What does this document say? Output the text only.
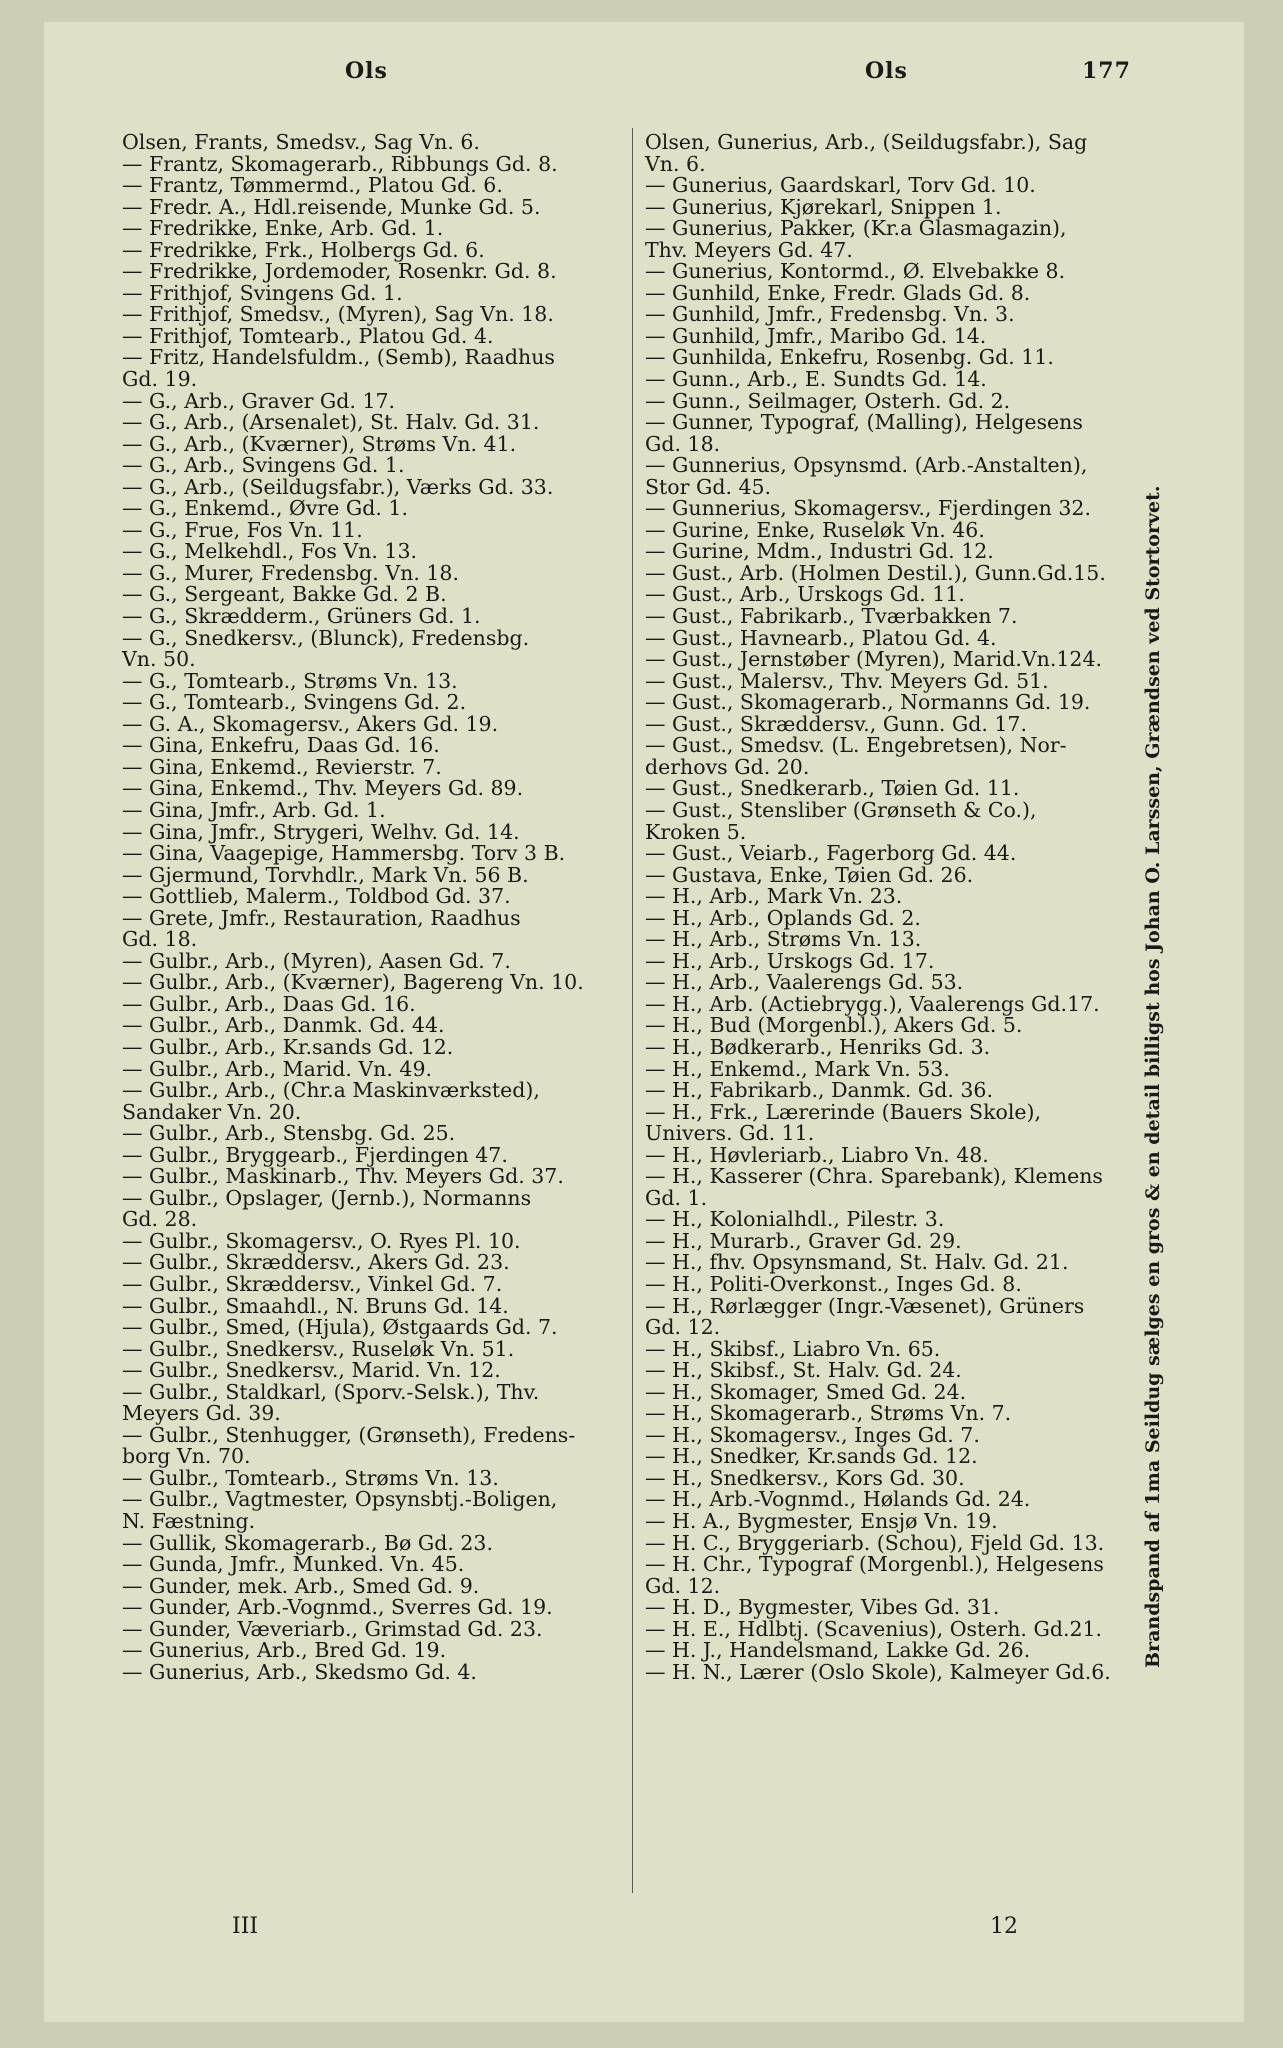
Ols	Ols	177
Olsen, Frants, Smedsv., Sag Vn. 6.
— Frantz, Skomagerarb., Ribbungs Gd. 8.
— Frantz, Tømmermd., Platou Gd. 6.
— Fredr. A., Hdl.reisende, Munke Gd. 5.
— Fredrikke, Enke, Arb. Gd. 1.
— Fredrikke, Frk., Holbergs Gd. 6.
— Fredrikke, Jordemoder, Rosenkr. Gd. 8.
— Frithjof, Svingens Gd. 1.
— Frithjof, Smedsv., (Myren), Sag Vn. 18.
— Frithjof, Tomtearb., Platou Gd. 4.
— Fritz, Handelsfuldm., (Semb), Raadhus
Gd. 19.
— G., Arb., Graver Gd. 17.
— G., Arb., (Arsenalet), St. Halv. Gd. 31.
— G., Arb., (Kværner), Strøms Vn. 41.
— G., Arb., Svingens Gd. 1.
— G., Arb., (Seildugsfabr.), Værks Gd. 33.
— G., Enkemd., Øvre Gd. 1.
— G., Frue, Fos Vn. 11.
— G., Melkehdl., Fos Vn. 13.
— G., Murer, Fredensbg. Vn. 18.
— G., Sergeant, Bakke Gd. 2 B.
— G., Skrædderm., Grüners Gd. 1.
— G., Snedkersv., (Blunck), Fredensbg.
Vn. 50.
— G., Tomtearb., Strøms Vn. 13.
— G., Tomtearb., Svingens Gd. 2.
— G. A., Skomagersv., Akers Gd. 19.
— Gina, Enkefru, Daas Gd. 16.
— Gina, Enkemd., Revierstr. 7.
— Gina, Enkemd., Thv. Meyers Gd. 89.
— Gina, Jmfr., Arb. Gd. 1.
— Gina, Jmfr., Strygeri, Welhv. Gd. 14.
— Gina, Vaagepige, Hammersbg. Torv 3 B.
— Gjermund, Torvhdlr., Mark Vn. 56 B.
— Gottlieb, Malerm., Toldbod Gd. 37.
— Grete, Jmfr., Restauration, Raadhus
Gd. 18.
— Gulbr., Arb., (Myren), Aasen Gd. 7.
— Gulbr., Arb., (Kværner), Bagereng Vn. 10.
— Gulbr., Arb., Daas Gd. 16.
— Gulbr., Arb., Danmk. Gd. 44.
— Gulbr., Arb., Kr.sands Gd. 12.
— Gulbr., Arb., Marid. Vn. 49.
— Gulbr., Arb., (Chr.a Maskinværksted),
Sandaker Vn. 20.
— Gulbr., Arb., Stensbg. Gd. 25.
— Gulbr., Bryggearb., Fjerdingen 47.
— Gulbr., Maskinarb., Thv. Meyers Gd. 37.
— Gulbr., Opslager, (Jernb.), Normanns
Gd. 28.
— Gulbr., Skomagersv., O. Ryes Pl. 10.
— Gulbr., Skræddersv., Akers Gd. 23.
— Gulbr., Skræddersv., Vinkel Gd. 7.
— Gulbr., Smaahdl., N. Bruns Gd. 14.
— Gulbr., Smed, (Hjula), Østgaards Gd. 7.
— Gulbr., Snedkersv., Ruseløk Vn. 51.
— Gulbr., Snedkersv., Marid. Vn. 12.
— Gulbr., Staldkarl, (Sporv.-Selsk.), Thv.
Meyers Gd. 39.
— Gulbr., Stenhugger, (Grønseth), Fredens-
borg Vn. 70.
— Gulbr., Tomtearb., Strøms Vn. 13.
— Gulbr., Vagtmester, Opsynsbtj.-Boligen,
N. Fæstning.
— Gullik, Skomagerarb., Bø Gd. 23.
— Gunda, Jmfr., Munked. Vn. 45.
— Gunder, mek. Arb., Smed Gd. 9.
— Gunder, Arb.-Vognmd., Sverres Gd. 19.
— Gunder, Væveriarb., Grimstad Gd. 23.
— Gunerius, Arb., Bred Gd. 19.
— Gunerius, Arb., Skedsmo Gd. 4.
Olsen, Gunerius, Arb., (Seildugsfabr.), Sag
Vn. 6.
— Gunerius, Gaardskarl, Torv Gd. 10.
— Gunerius, Kjørekarl, Snippen 1.
— Gunerius, Pakker, (Kr.a Glasmagazin),
Thv. Meyers Gd. 47.
— Gunerius, Kontormd., Ø. Elvebakke 8.
— Gunhild, Enke, Fredr. Glads Gd. 8.
— Gunhild, Jmfr., Fredensbg. Vn. 3.
— Gunhild, Jmfr., Maribo Gd. 14.
— Gunhilda, Enkefru, Rosenbg. Gd. 11.
— Gunn., Arb., E. Sundts Gd. 14.
— Gunn., Seilmager, Osterh. Gd. 2.
— Gunner, Typograf, (Malling), Helgesens
Gd. 18.
— Gunnerius, Opsynsmd. (Arb.-Anstalten),
Stor Gd. 45.
— Gunnerius, Skomagersv., Fjerdingen 32.
— Gurine, Enke, Ruseløk Vn. 46.
— Gurine, Mdm., Industri Gd. 12.
— Gust., Arb. (Holmen Destil.), Gunn.Gd.15.
— Gust., Arb., Urskogs Gd. 11.
— Gust., Fabrikarb., Tværbakken 7.
— Gust., Havnearb., Platou Gd. 4.
— Gust., Jernstøber (Myren), Marid.Vn.124.
— Gust., Malersv., Thv. Meyers Gd. 51.
— Gust., Skomagerarb., Normanns Gd. 19.
— Gust., Skræddersv., Gunn. Gd. 17.
— Gust., Smedsv. (L. Engebretsen), Nor-
derhovs Gd. 20.
— Gust., Snedkerarb., Tøien Gd. 11.
— Gust., Stensliber (Grønseth & Co.),
Kroken 5.
— Gust., Veiarb., Fagerborg Gd. 44.
— Gustava, Enke, Tøien Gd. 26.
— H., Arb., Mark Vn. 23.
— H., Arb., Oplands Gd. 2.
— H., Arb., Strøms Vn. 13.
— H., Arb., Urskogs Gd. 17.
— H., Arb., Vaalerengs Gd. 53.
— H., Arb. (Actiebrygg.), Vaalerengs Gd.17.
— H., Bud (Morgenbl.), Akers Gd. 5.
— H., Bødkerarb., Henriks Gd. 3.
— H., Enkemd., Mark Vn. 53.
— H., Fabrikarb., Danmk. Gd. 36.
— H., Frk., Lærerinde (Bauers Skole),
Univers. Gd. 11.
— H., Høvleriarb., Liabro Vn. 48.
— H., Kasserer (Chra. Sparebank), Klemens
Gd. 1.
— H., Kolonialhdl., Pilestr. 3.
— H., Murarb., Graver Gd. 29.
— H., fhv. Opsynsmand, St. Halv. Gd. 21.
— H., Politi-Overkonst., Inges Gd. 8.
— H., Rørlægger (Ingr.-Væsenet), Grüners
Gd. 12.
— H., Skibsf., Liabro Vn. 65.
— H., Skibsf., St. Halv. Gd. 24.
— H., Skomager, Smed Gd. 24.
— H., Skomagerarb., Strøms Vn. 7.
— H., Skomagersv., Inges Gd. 7.
— H., Snedker, Kr.sands Gd. 12.
— H., Snedkersv., Kors Gd. 30.
— H., Arb.-Vognmd., Hølands Gd. 24.
— H. A., Bygmester, Ensjø Vn. 19.
— H. C., Bryggeriarb. (Schou), Fjeld Gd. 13.
— H. Chr., Typograf (Morgenbl.), Helgesens
Gd. 12.
— H. D., Bygmester, Vibes Gd. 31.
— H. E., Hdlbtj. (Scavenius), Osterh. Gd.21.
— H. J., Handelsmand, Lakke Gd. 26.
— H. N., Lærer (Oslo Skole), Kalmeyer Gd.6.
Brandspand af 1ma Seildug sælges en gros & en detail billigst hos Johan O. Larssen, Grændsen ved Stortorvet.
III	12
